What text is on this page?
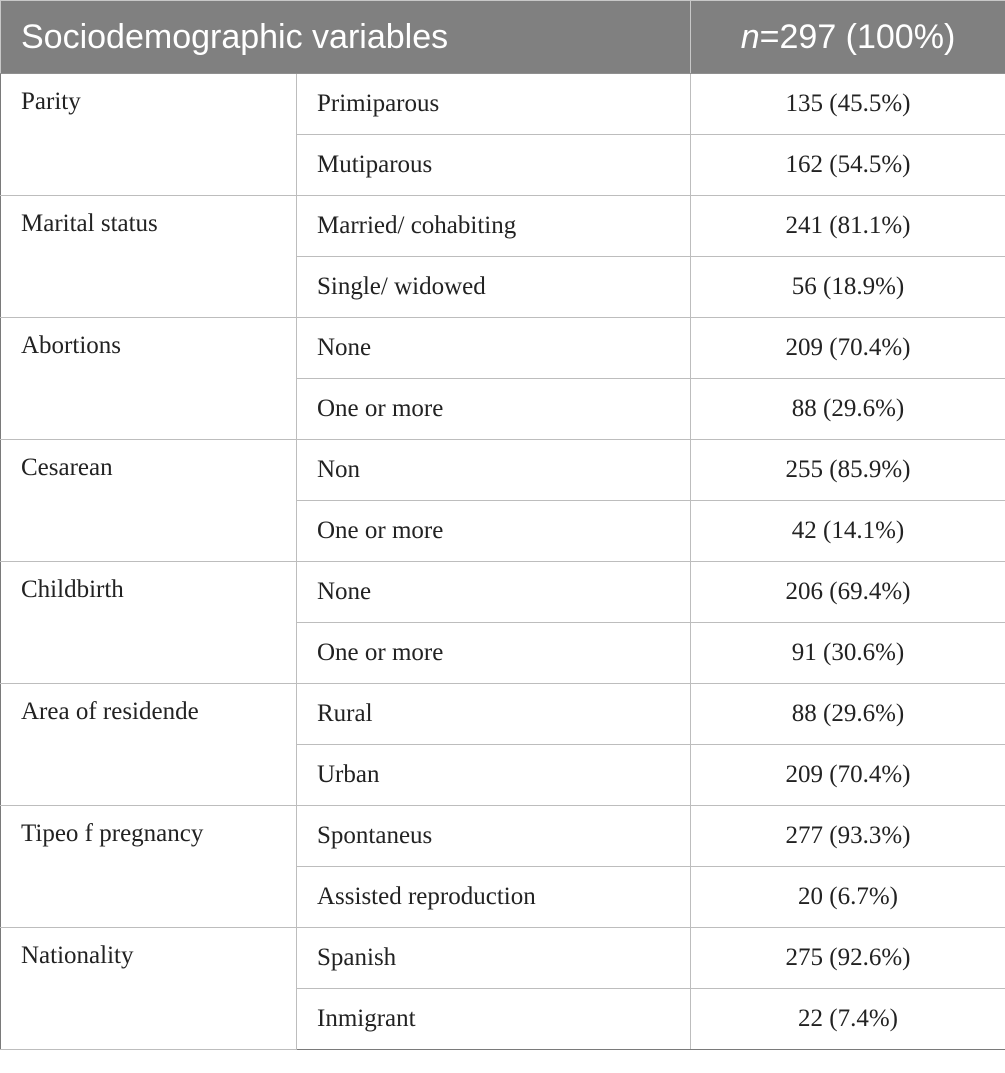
Sociodemographic variables		n=297 (100%)
Parity	Primiparous	135 (45.5%)
	Mutiparous	162 (54.5%)
Marital status	Married/ cohabiting	241 (81.1%)
	Single/ widowed	56 (18.9%)
Abortions	None	209 (70.4%)
	One or more	88 (29.6%)
Cesarean	Non	255 (85.9%)
	One or more	42 (14.1%)
Childbirth	None	206 (69.4%)
	One or more	91 (30.6%)
Area of residende	Rural	88 (29.6%)
	Urban	209 (70.4%)
Tipeo f pregnancy	Spontaneus	277 (93.3%)
	Assisted reproduction	20 (6.7%)
Nationality	Spanish	275 (92.6%)
	Inmigrant	22 (7.4%)
